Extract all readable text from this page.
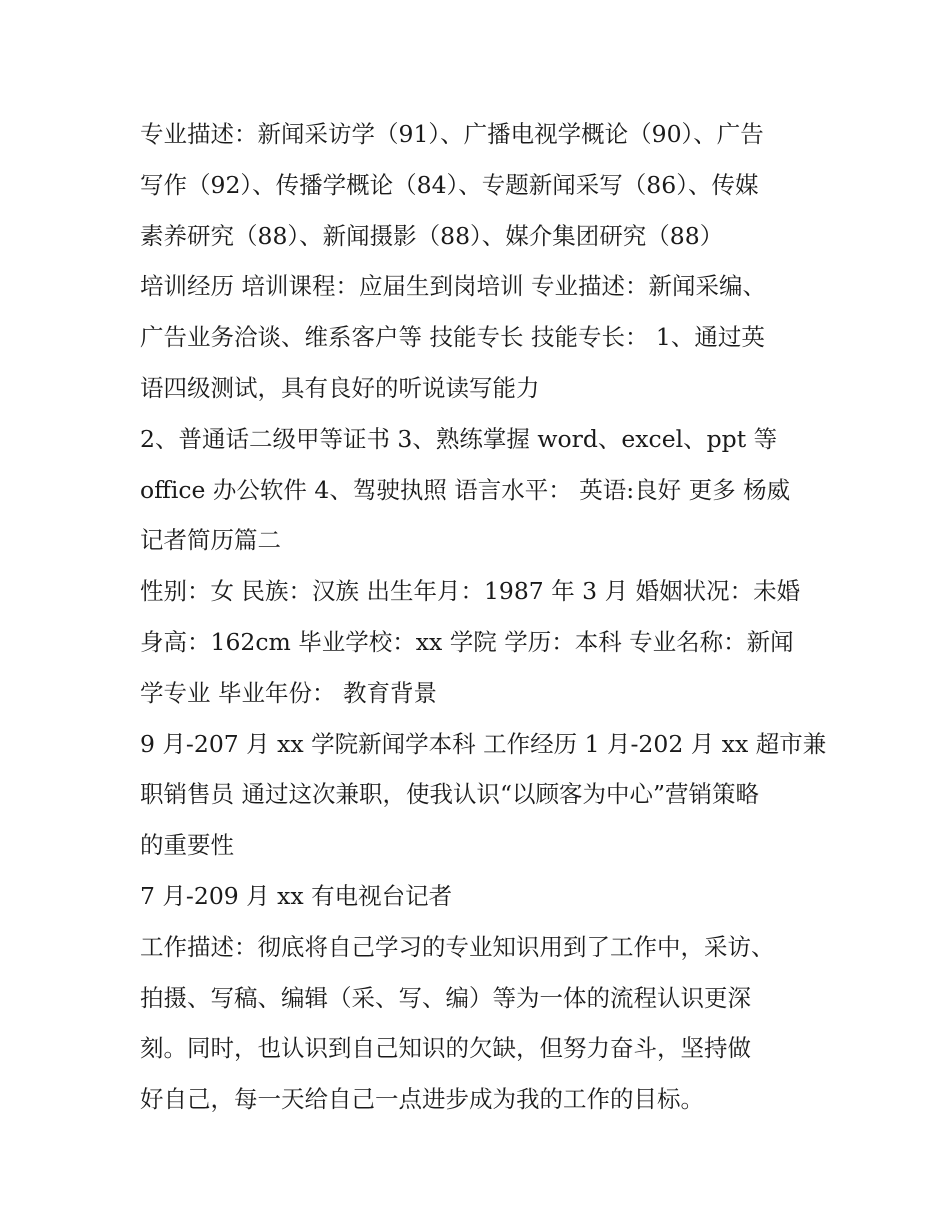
专业描述：新闻采访学（91）、广播电视学概论（90）、广告

写作（92）、传播学概论（84）、专题新闻采写（86）、传媒

素养研究（88）、新闻摄影（88）、媒介集团研究（88）

培训经历 培训课程：应届生到岗培训 专业描述：新闻采编、

广告业务洽谈、维系客户等 技能专长 技能专长： 1、通过英

语四级测试，具有良好的听说读写能力

2、普通话二级甲等证书 3、熟练掌握 word、excel、ppt 等

office 办公软件 4、驾驶执照 语言水平： 英语:良好 更多 杨威

记者简历篇二

性别：女 民族：汉族 出生年月：1987 年 3 月 婚姻状况：未婚

身高：162cm 毕业学校：xx 学院 学历：本科 专业名称：新闻

学专业 毕业年份： 教育背景

9 月-207 月 xx 学院新闻学本科 工作经历 1 月-202 月 xx 超市兼

职销售员 通过这次兼职，使我认识“以顾客为中心”营销策略

的重要性

7 月-209 月 xx 有电视台记者

工作描述：彻底将自己学习的专业知识用到了工作中，采访、

拍摄、写稿、编辑（采、写、编）等为一体的流程认识更深

刻。同时，也认识到自己知识的欠缺，但努力奋斗，坚持做

好自己，每一天给自己一点进步成为我的工作的目标。
